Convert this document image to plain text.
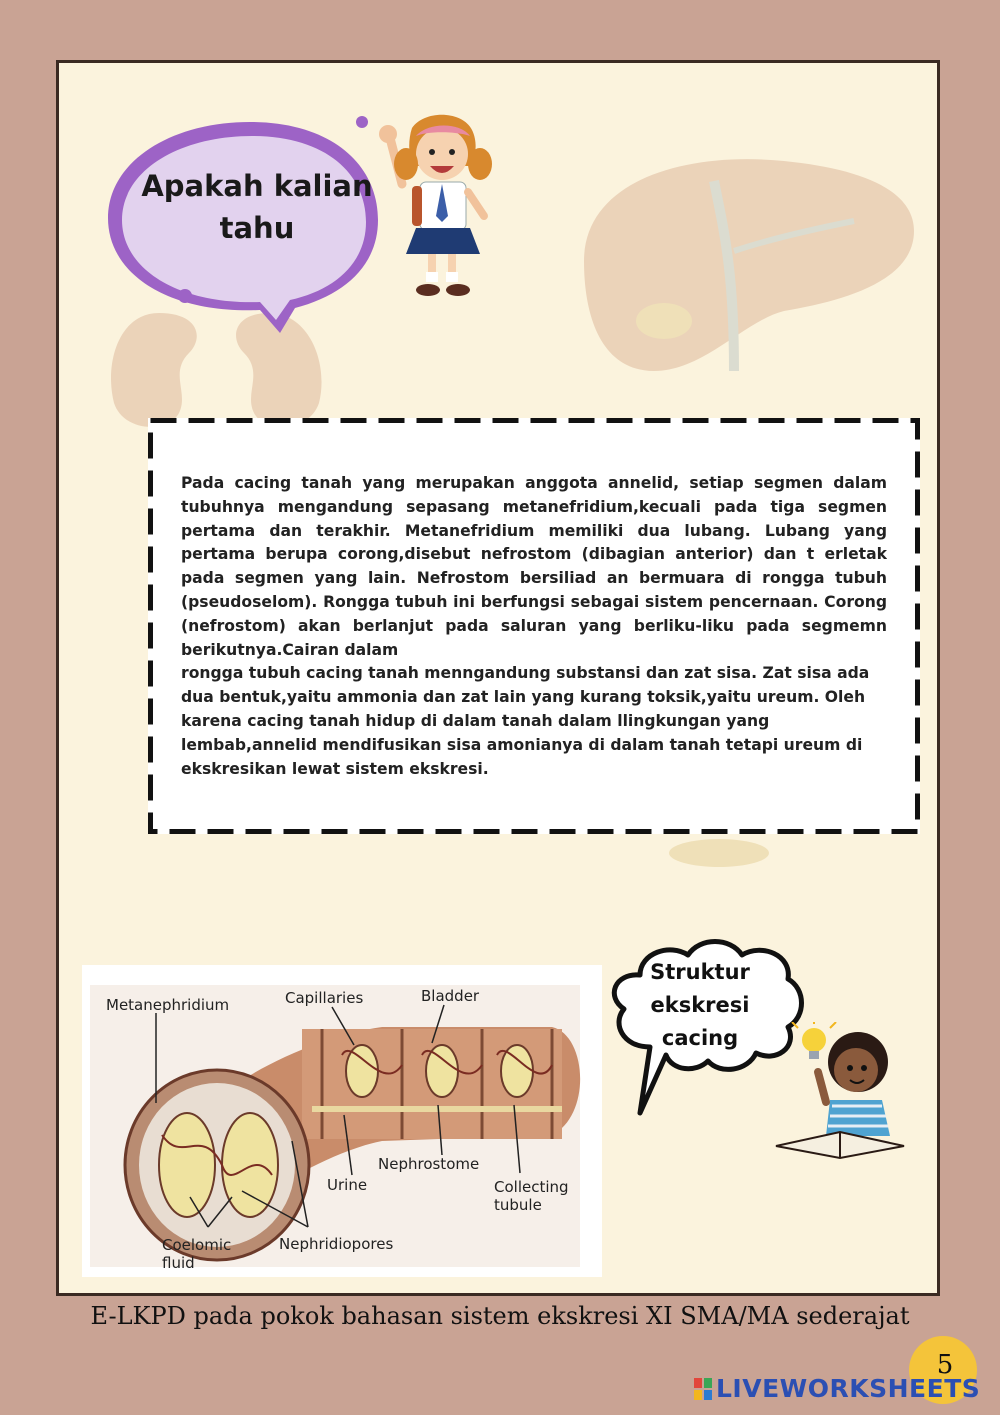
Apakah kalian
tahu
Pada cacing tanah yang merupakan anggota annelid, setiap segmen dalam
tubuhnya mengandung sepasang metanefridium,kecuali pada tiga segmen
pertama dan terakhir. Metanefridium memiliki dua lubang. Lubang yang
pertama berupa corong,disebut nefrostom (dibagian anterior) dan t erletak
pada segmen yang lain. Nefrostom bersiliad an bermuara di rongga tubuh
(pseudoselom). Rongga tubuh ini berfungsi sebagai sistem pencernaan. Corong
(nefrostom) akan berlanjut pada saluran yang berliku-liku pada segmemn
berikutnya.Cairan dalam
rongga tubuh cacing tanah menngandung substansi dan zat sisa. Zat sisa ada
dua bentuk,yaitu ammonia dan zat lain yang kurang toksik,yaitu ureum. Oleh
karena cacing tanah hidup di dalam tanah dalam llingkungan yang
lembab,annelid mendifusikan sisa amonianya di dalam tanah tetapi ureum di
ekskresikan lewat sistem ekskresi.
Metanephridium	Capillaries	Bladder
Nephrostome
Urine	Collecting
tubule
Coelomic
fluid
Nephridiopores
Struktur
ekskresi
cacing
E-LKPD pada pokok bahasan sistem ekskresi XI SMA/MA sederajat
5
LIVEWORKSHEETS
